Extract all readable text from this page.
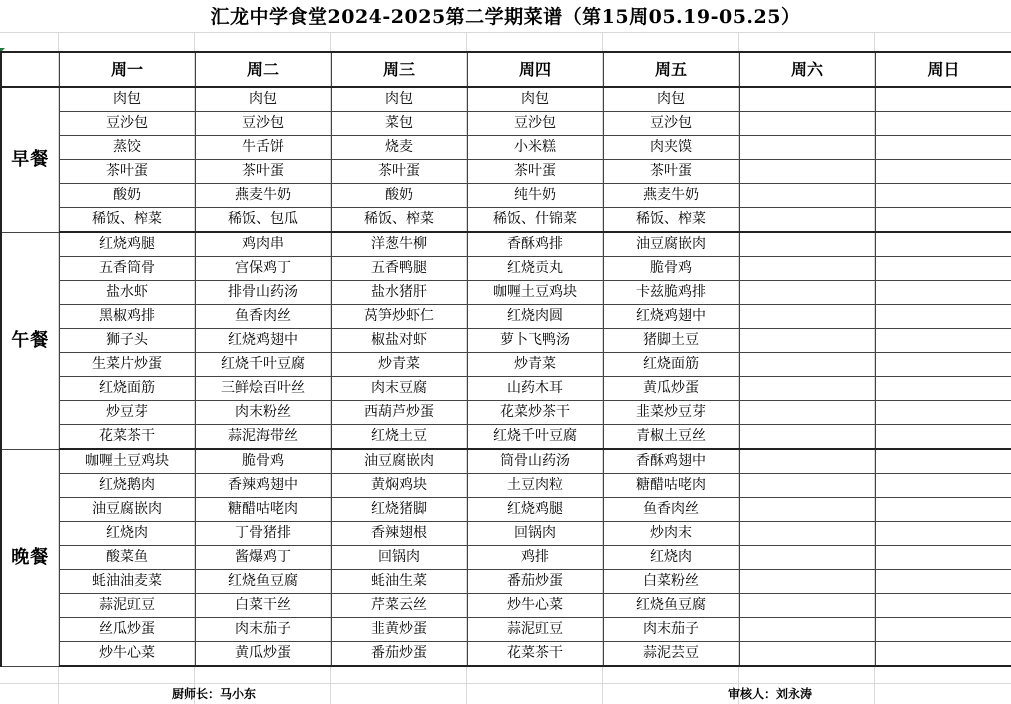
汇龙中学食堂2024-2025第二学期菜谱（第15周05.19-05.25）
	周一	周二	周三	周四	周五	周六	周日
早餐	肉包	肉包	肉包	肉包	肉包		
	豆沙包	豆沙包	菜包	豆沙包	豆沙包		
	蒸饺	牛舌饼	烧麦	小米糕	肉夹馍		
	茶叶蛋	茶叶蛋	茶叶蛋	茶叶蛋	茶叶蛋		
	酸奶	燕麦牛奶	酸奶	纯牛奶	燕麦牛奶		
	稀饭、榨菜	稀饭、包瓜	稀饭、榨菜	稀饭、什锦菜	稀饭、榨菜		
午餐	红烧鸡腿	鸡肉串	洋葱牛柳	香酥鸡排	油豆腐嵌肉		
	五香筒骨	宫保鸡丁	五香鸭腿	红烧贡丸	脆骨鸡		
	盐水虾	排骨山药汤	盐水猪肝	咖喱土豆鸡块	卡兹脆鸡排		
	黑椒鸡排	鱼香肉丝	莴笋炒虾仁	红烧肉圆	红烧鸡翅中		
	狮子头	红烧鸡翅中	椒盐对虾	萝卜飞鸭汤	猪脚土豆		
	生菜片炒蛋	红烧千叶豆腐	炒青菜	炒青菜	红烧面筋		
	红烧面筋	三鲜烩百叶丝	肉末豆腐	山药木耳	黄瓜炒蛋		
	炒豆芽	肉末粉丝	西葫芦炒蛋	花菜炒茶干	韭菜炒豆芽		
	花菜茶干	蒜泥海带丝	红烧土豆	红烧千叶豆腐	青椒土豆丝		
晚餐	咖喱土豆鸡块	脆骨鸡	油豆腐嵌肉	筒骨山药汤	香酥鸡翅中		
	红烧鹅肉	香辣鸡翅中	黄焖鸡块	土豆肉粒	糖醋咕咾肉		
	油豆腐嵌肉	糖醋咕咾肉	红烧猪脚	红烧鸡腿	鱼香肉丝		
	红烧肉	丁骨猪排	香辣翅根	回锅肉	炒肉末		
	酸菜鱼	酱爆鸡丁	回锅肉	鸡排	红烧肉		
	蚝油油麦菜	红烧鱼豆腐	蚝油生菜	番茄炒蛋	白菜粉丝		
	蒜泥豇豆	白菜干丝	芹菜云丝	炒牛心菜	红烧鱼豆腐		
	丝瓜炒蛋	肉末茄子	韭黄炒蛋	蒜泥豇豆	肉末茄子		
	炒牛心菜	黄瓜炒蛋	番茄炒蛋	花菜茶干	蒜泥芸豆		
厨师长：马小东	审核人：刘永涛
